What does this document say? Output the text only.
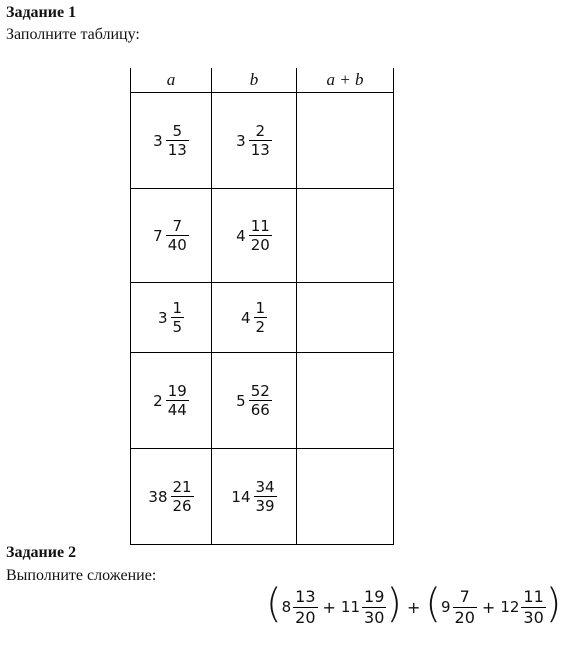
Задание 1
Заполните таблицу:
a	b	a + b

$3 \frac{5}{13}$	$3 \frac{2}{13}$

$7 \frac{7}{40}$	$4 \frac{11}{20}$

$3 \frac{1}{5}$	$4 \frac{1}{2}$

$2 \frac{19}{44}$	$5 \frac{52}{66}$

$38 \frac{21}{26}$	$14 \frac{34}{39}$

Задание 2
Выполните сложение:
( $8 \frac{13}{20} + 11 \frac{19}{30}$ ) + ( $9 \frac{7}{20} + 12 \frac{11}{30}$ )
